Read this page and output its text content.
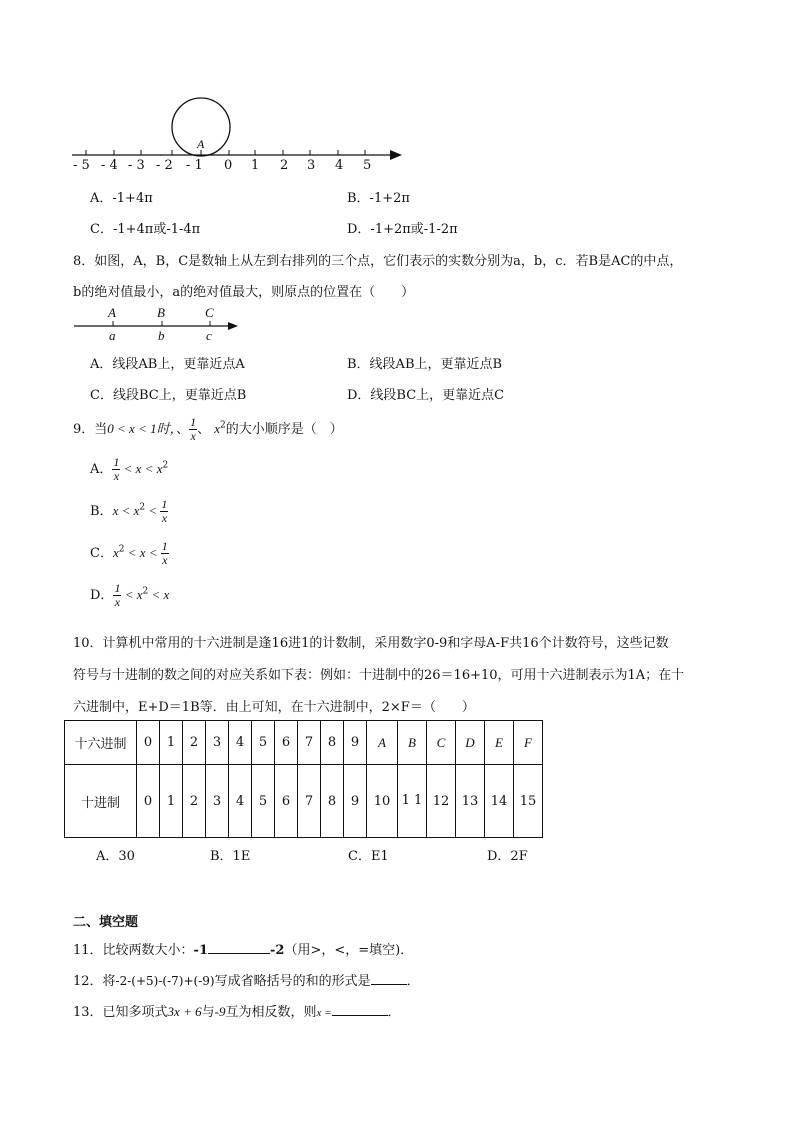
A
- 5 - 4 - 3 - 2 - 1 0 1 2 3 4 5
A．-1+4π	B．-1+2π
C．-1+4π或-1-4π	D．-1+2π或-1-2π
8．如图，A，B，C是数轴上从左到右排列的三个点，它们表示的实数分别为a，b，c．若B是AC的中点，
b的绝对值最小，a的绝对值最大，则原点的位置在（　　）
A	B	C
a	b	c
A．线段AB上，更靠近点A	B．线段AB上，更靠近点B
C．线段BC上，更靠近点B	D．线段BC上，更靠近点C
9．当0 < x < 1时，、 $\frac{1}{x}$ 、 $x^2$的大小顺序是（　）
A． $\frac{1}{x} < x < x^2$
B．$x < x^2 < \frac{1}{x}$
C．$x^2 < x < \frac{1}{x}$
D． $\frac{1}{x} < x^2 < x$
10．计算机中常用的十六进制是逢16进1的计数制，采用数字0-9和字母A-F共16个计数符号，这些记数
符号与十进制的数之间的对应关系如下表：例如：十进制中的26＝16+10，可用十六进制表示为1A；在十
六进制中，E+D＝1B等．由上可知，在十六进制中，2×F＝（　　）
十六进制	0	1	2	3	4	5	6	7	8	9	A	B	C	D	E	F
十进制	0	1	2	3	4	5	6	7	8	9	10	1 1	12	13	14	15
A．30	B．1E	C．E1	D．2F
二、填空题
11．比较两数大小：-1	-2（用>，<，=填空)．
12．将-2-(+5)-(-7)+(-9)写成省略括号的和的形式是	．
13．已知多项式3x + 6与-9互为相反数，则x =	．
